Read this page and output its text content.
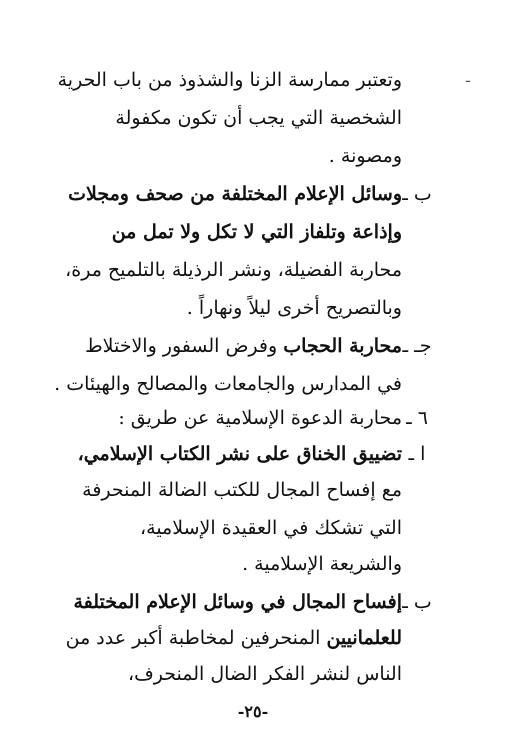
ـ
وتعتبر ممارسة الزنا والشذوذ من باب الحرية
الشخصية التي يجب أن تكون مكفولة
ومصونة .
ب ـ
وسائل الإعلام المختلفة من صحف ومجلات
وإذاعة وتلفاز التي لا تكل ولا تمل من
محاربة الفضيلة، ونشر الرذيلة بالتلميح مرة،
وبالتصريح أخرى ليلاً ونهاراً .
جـ ـ
محاربة الحجاب وفرض السفور والاختلاط
في المدارس والجامعات والمصالح والهيئات .
٦ ـ
محاربة الدعوة الإسلامية عن طريق :
ا ـ
تضييق الخناق على نشر الكتاب الإسلامي،
مع إفساح المجال للكتب الضالة المنحرفة
التي تشكك في العقيدة الإسلامية،
والشريعة الإسلامية .
ب ـ
إفساح المجال في وسائل الإعلام المختلفة
للعلمانيين المنحرفين لمخاطبة أكبر عدد من
الناس لنشر الفكر الضال المنحرف،
-٢٥-
